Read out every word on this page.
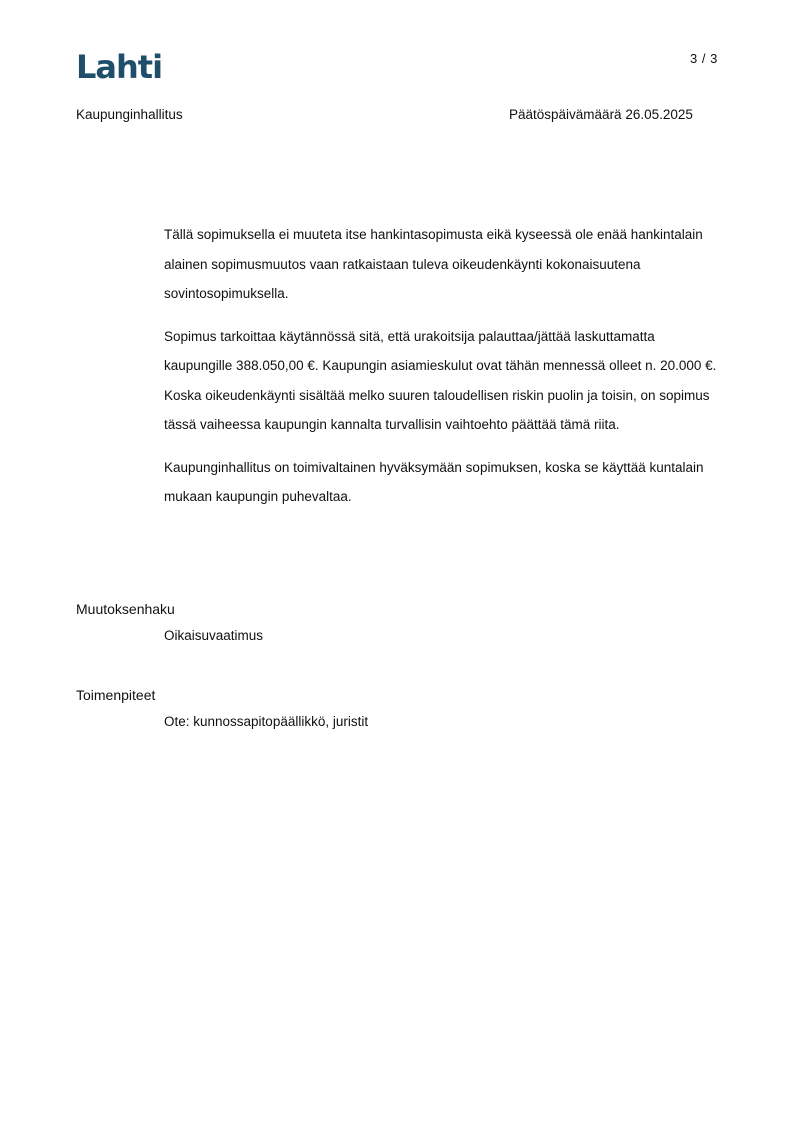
Lahti	3 / 3
Kaupunginhallitus	Päätöspäivämäärä 26.05.2025

Tällä sopimuksella ei muuteta itse hankintasopimusta eikä kyseessä ole enää hankintalain alainen sopimusmuutos vaan ratkaistaan tuleva oikeudenkäynti kokonaisuutena sovintosopimuksella.

Sopimus tarkoittaa käytännössä sitä, että urakoitsija palauttaa/jättää laskuttamatta kaupungille 388.050,00 €. Kaupungin asiamieskulut ovat tähän mennessä olleet n. 20.000 €. Koska oikeudenkäynti sisältää melko suuren taloudellisen riskin puolin ja toisin, on sopimus tässä vaiheessa kaupungin kannalta turvallisin vaihtoehto päättää tämä riita.

Kaupunginhallitus on toimivaltainen hyväksymään sopimuksen, koska se käyttää kuntalain mukaan kaupungin puhevaltaa.

Muutoksenhaku
Oikaisuvaatimus
Toimenpiteet
Ote: kunnossapitopäällikkö, juristit
